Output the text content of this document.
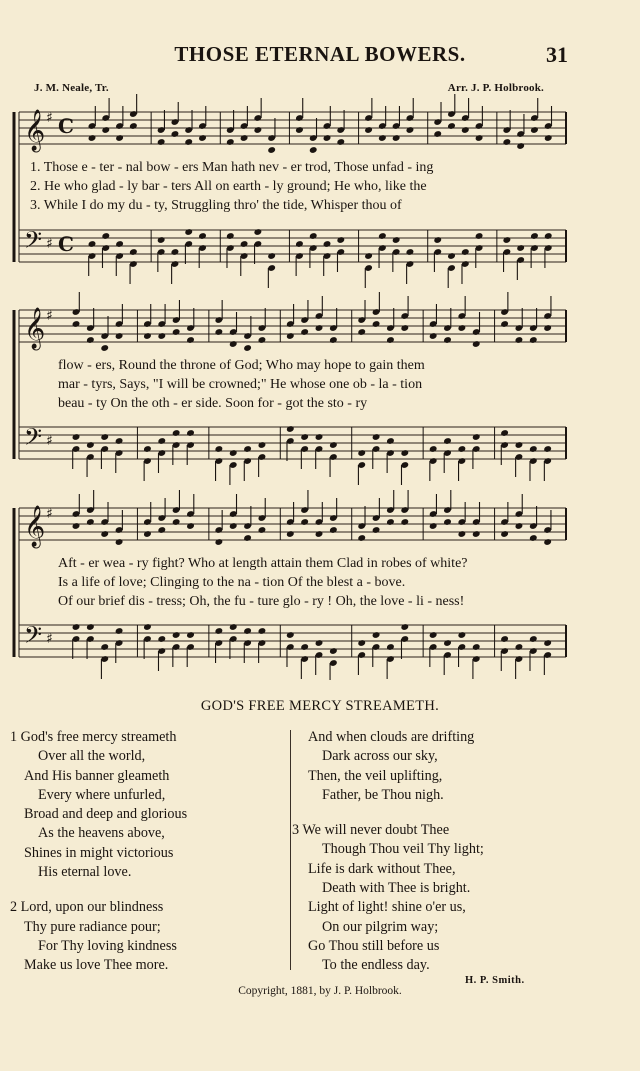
THOSE ETERNAL BOWERS.	31
J. M. Neale, Tr.	Arr. J. P. Holbrook.
𝄞 ♯ C
𝄢 ♯ C
𝄞 ♯
𝄢 ♯
𝄞 ♯
𝄢 ♯
1. Those e - ter - nal bow - ers Man hath nev - er trod, Those unfad - ing
2. He who glad - ly bar - ters All on earth - ly ground; He who, like the
3. While I do my du - ty, Struggling thro' the tide, Whisper thou of
flow - ers, Round the throne of God; Who may hope to gain them
mar - tyrs, Says, "I will be crowned;" He whose one ob - la - tion
beau - ty On the oth - er side. Soon for - got the sto - ry
Aft - er wea - ry fight? Who at length attain them Clad in robes of white?
Is a life of love; Clinging to the na - tion Of the blest a - bove.
Of our brief dis - tress; Oh, the fu - ture glo - ry ! Oh, the love - li - ness!
GOD'S FREE MERCY STREAMETH.
1 God's free mercy streameth
Over all the world,
And His banner gleameth
Every where unfurled,
Broad and deep and glorious
As the heavens above,
Shines in might victorious
His eternal love.
2 Lord, upon our blindness
Thy pure radiance pour;
For Thy loving kindness
Make us love Thee more.
And when clouds are drifting
Dark across our sky,
Then, the veil uplifting,
Father, be Thou nigh.
3 We will never doubt Thee
Though Thou veil Thy light;
Life is dark without Thee,
Death with Thee is bright.
Light of light! shine o'er us,
On our pilgrim way;
Go Thou still before us
To the endless day.
H. P. Smith.
Copyright, 1881, by J. P. Holbrook.
